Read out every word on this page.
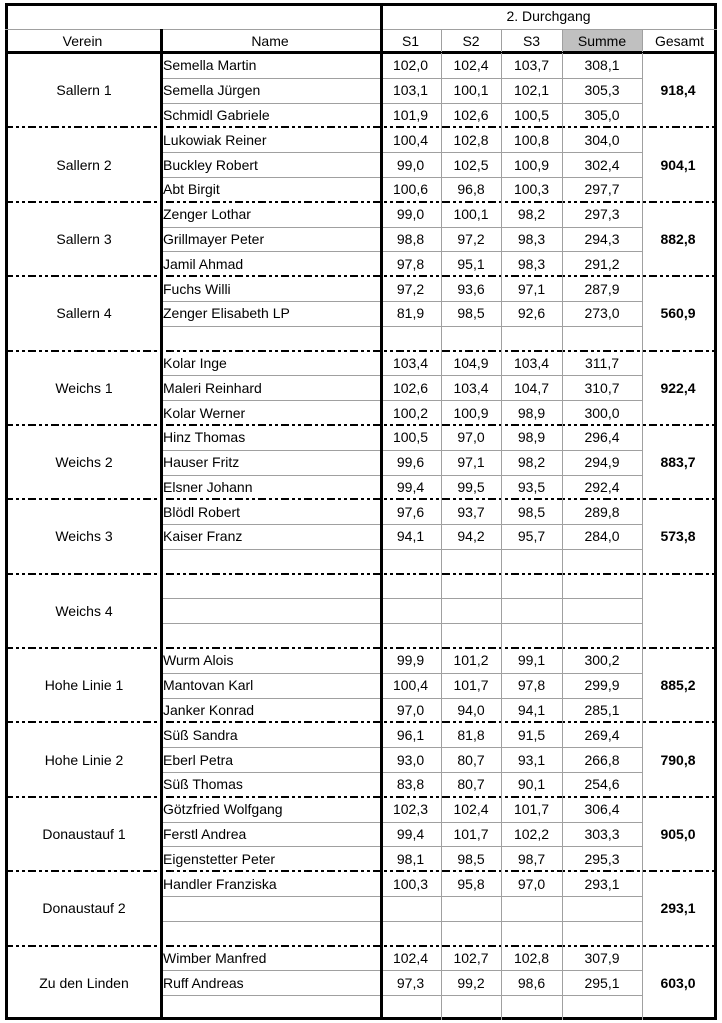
2. Durchgang
Verein	Name	S1	S2	S3	Summe	Gesamt
Sallern 1	918,4
Semella Martin	102,0	102,4	103,7	308,1
Semella Jürgen	103,1	100,1	102,1	305,3
Schmidl Gabriele	101,9	102,6	100,5	305,0
Sallern 2	904,1
Lukowiak Reiner	100,4	102,8	100,8	304,0
Buckley Robert	99,0	102,5	100,9	302,4
Abt Birgit	100,6	96,8	100,3	297,7
Sallern 3	882,8
Zenger Lothar	99,0	100,1	98,2	297,3
Grillmayer Peter	98,8	97,2	98,3	294,3
Jamil Ahmad	97,8	95,1	98,3	291,2
Sallern 4	560,9
Fuchs Willi	97,2	93,6	97,1	287,9
Zenger Elisabeth LP	81,9	98,5	92,6	273,0
Weichs 1	922,4
Kolar Inge	103,4	104,9	103,4	311,7
Maleri Reinhard	102,6	103,4	104,7	310,7
Kolar Werner	100,2	100,9	98,9	300,0
Weichs 2	883,7
Hinz Thomas	100,5	97,0	98,9	296,4
Hauser Fritz	99,6	97,1	98,2	294,9
Elsner Johann	99,4	99,5	93,5	292,4
Weichs 3	573,8
Blödl Robert	97,6	93,7	98,5	289,8
Kaiser Franz	94,1	94,2	95,7	284,0
Weichs 4
Hohe Linie 1	885,2
Wurm Alois	99,9	101,2	99,1	300,2
Mantovan Karl	100,4	101,7	97,8	299,9
Janker Konrad	97,0	94,0	94,1	285,1
Hohe Linie 2	790,8
Süß Sandra	96,1	81,8	91,5	269,4
Eberl Petra	93,0	80,7	93,1	266,8
Süß Thomas	83,8	80,7	90,1	254,6
Donaustauf 1	905,0
Götzfried Wolfgang	102,3	102,4	101,7	306,4
Ferstl Andrea	99,4	101,7	102,2	303,3
Eigenstetter Peter	98,1	98,5	98,7	295,3
Donaustauf 2	293,1
Handler Franziska	100,3	95,8	97,0	293,1
Zu den Linden	603,0
Wimber Manfred	102,4	102,7	102,8	307,9
Ruff Andreas	97,3	99,2	98,6	295,1
